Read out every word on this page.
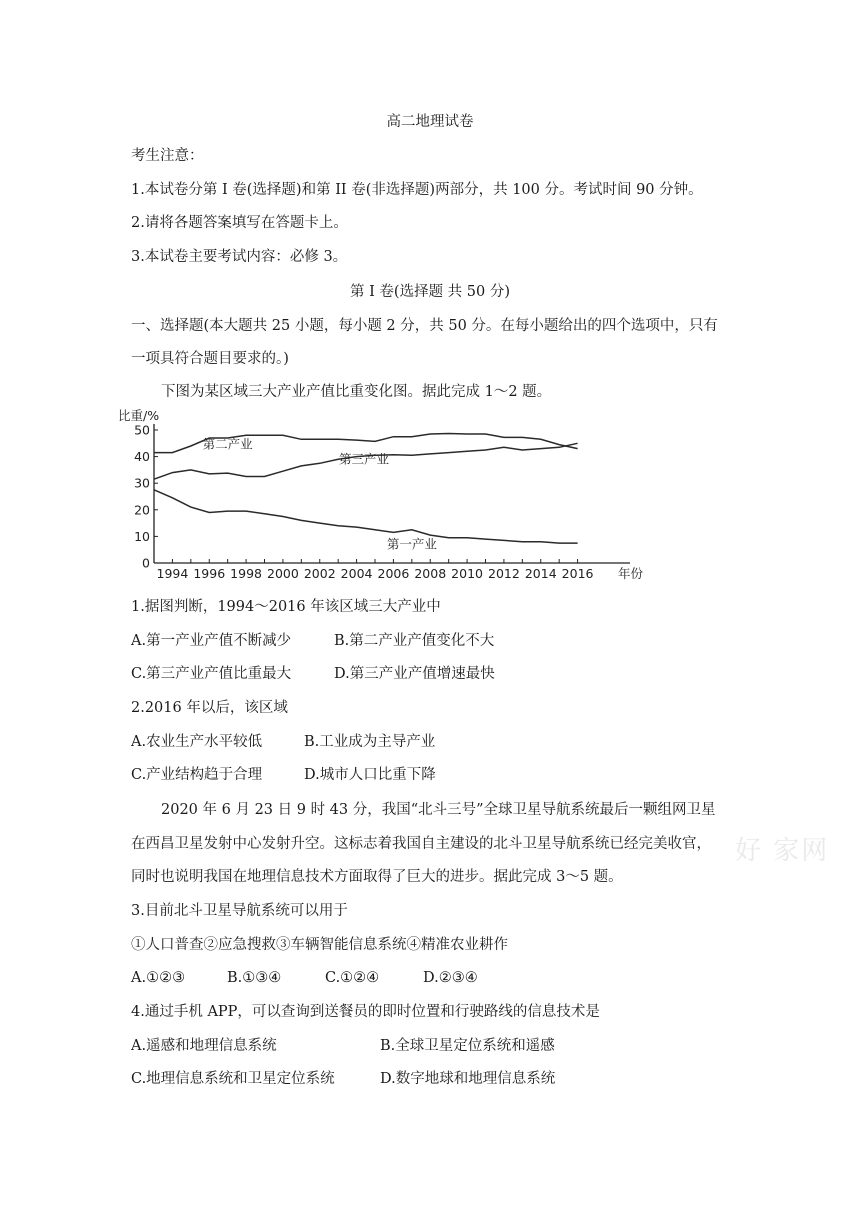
高二地理试卷
考生注意：
1.本试卷分第 I 卷(选择题)和第 II 卷(非选择题)两部分，共 100 分。考试时间 90 分钟。
2.请将各题答案填写在答题卡上。
3.本试卷主要考试内容：必修 3。
第 I 卷(选择题 共 50 分)
一、选择题(本大题共 25 小题，每小题 2 分，共 50 分。在每小题给出的四个选项中，只有
一项具符合题目要求的。)
下图为某区域三大产业产值比重变化图。据此完成 1～2 题。
0
10
20
30
40
50
1994 1996 1998 2000 2002 2004 2006 2008 2010 2012 2014 2016
比重/%
年份
第二产业
第三产业
第一产业
1.据图判断，1994～2016 年该区域三大产业中
A.第一产业产值不断减少	B.第二产业产值变化不大
C.第三产业产值比重最大	D.第三产业产值增速最快
2.2016 年以后，该区域
A.农业生产水平较低	B.工业成为主导产业
C.产业结构趋于合理	D.城市人口比重下降
2020 年 6 月 23 日 9 时 43 分，我国“北斗三号”全球卫星导航系统最后一颗组网卫星
在西昌卫星发射中心发射升空。这标志着我国自主建设的北斗卫星导航系统已经完美收官，
同时也说明我国在地理信息技术方面取得了巨大的进步。据此完成 3～5 题。
好 家网
3.目前北斗卫星导航系统可以用于
①人口普查②应急搜救③车辆智能信息系统④精准农业耕作
A.①②③	B.①③④	C.①②④	D.②③④
4.通过手机 APP，可以查询到送餐员的即时位置和行驶路线的信息技术是
A.遥感和地理信息系统	B.全球卫星定位系统和遥感
C.地理信息系统和卫星定位系统	D.数字地球和地理信息系统
